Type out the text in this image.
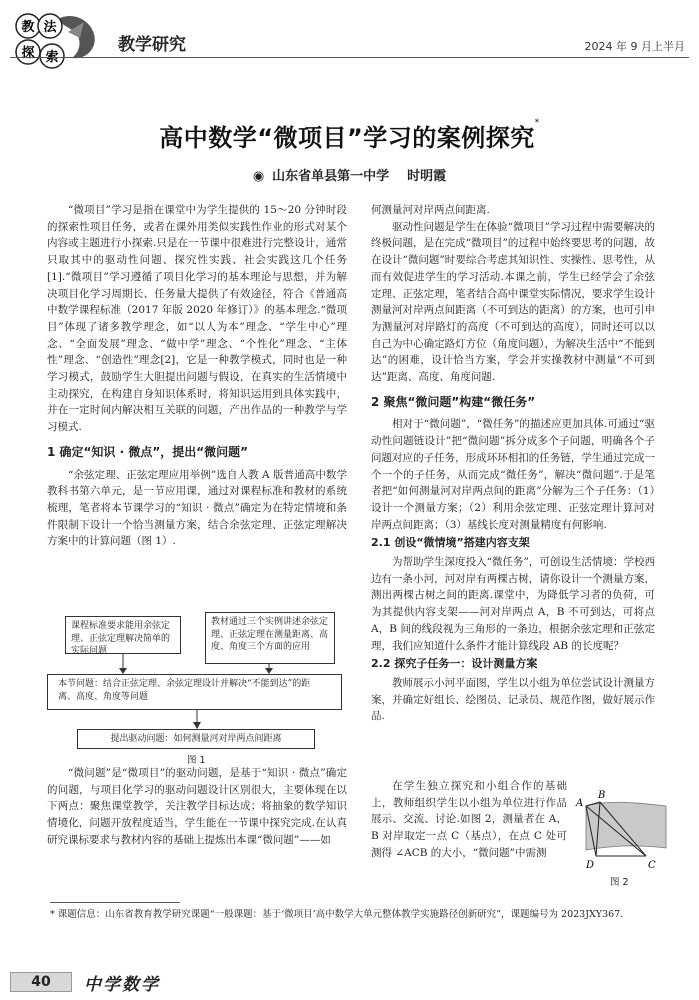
教 法
探 索
教学研究	2024 年 9 月上半月
高中数学“微项目”学习的案例探究*
◉ 山东省单县第一中学 时明霞

“微项目”学习是指在课堂中为学生提供的 15～20 分钟时段的探索性项目任务，或者在课外用类似实践性作业的形式对某个内容或主题进行小探索.只是在一节课中很难进行完整设计，通常只取其中的驱动性问题、探究性实践、社会实践这几个任务[1].“微项目”学习遵循了项目化学习的基本理论与思想，并为解决项目化学习周期长、任务量大提供了有效途径，符合《普通高中数学课程标准（2017 年版 2020 年修订）》的基本理念.“微项目”体现了诸多教学理念，如“以人为本”理念、“学生中心”理念、“全面发展”理念、“做中学”理念、“个性化”理念、“主体性”理念、“创造性”理念[2]，它是一种教学模式，同时也是一种学习模式，鼓励学生大胆提出问题与假设，在真实的生活情境中主动探究，在构建自身知识体系时，将知识运用到具体实践中，并在一定时间内解决相互关联的问题，产出作品的一种教学与学习模式.

1 确定“知识 · 微点”，提出“微问题”

“余弦定理、正弦定理应用举例”选自人教 A 版普通高中数学教科书第六单元，是一节应用课，通过对课程标准和教材的系统梳理，笔者将本节课学习的“知识 · 微点”确定为在特定情境和条件限制下设计一个恰当测量方案，结合余弦定理、正弦定理解决方案中的计算问题（图 1）.

课程标准要求能用余弦定理、正弦定理解决简单的实际问题
教材通过三个实例讲述余弦定理、正弦定理在测量距离、高度、角度三个方面的应用
本节问题：结合正弦定理、余弦定理设计并解决“不能到达”的距离、高度、角度等问题
提出驱动问题：如何测量河对岸两点间距离
图 1

“微问题”是“微项目”的驱动问题，是基于“知识 · 微点”确定的问题，与项目化学习的驱动问题设计区别很大，主要体现在以下两点：聚焦课堂教学，关注教学目标达成；将抽象的数学知识情境化，问题开放程度适当，学生能在一节课中探究完成.在认真研究课标要求与教材内容的基础上提炼出本课“微问题”——如

何测量河对岸两点间距离.

驱动性问题是学生在体验“微项目”学习过程中需要解决的终极问题，是在完成“微项目”的过程中始终要思考的问题，故在设计“微问题”时要综合考虑其知识性、实操性、思考性，从而有效促进学生的学习活动.本课之前，学生已经学会了余弦定理、正弦定理，笔者结合高中课堂实际情况，要求学生设计测量河对岸两点间距离（不可到达的距离）的方案，也可引申为测量河对岸路灯的高度（不可到达的高度），同时还可以以自己为中心确定路灯方位（角度问题），为解决生活中“不能到达”的困难，设计恰当方案，学会并实操教材中测量“不可到达”距离、高度、角度问题.

2 聚焦“微问题”构建“微任务”

相对于“微问题”，“微任务”的描述应更加具体.可通过“驱动性问题链设计”把“微问题”拆分成多个子问题，明确各个子问题对应的子任务，形成环环相扣的任务链，学生通过完成一个一个的子任务，从而完成“微任务”，解决“微问题”.于是笔者把“如何测量河对岸两点间的距离”分解为三个子任务：（1）设计一个测量方案；（2）利用余弦定理、正弦定理计算河对岸两点间距离；（3）基线长度对测量精度有何影响.

2.1 创设“微情境”搭建内容支架

为帮助学生深度投入“微任务”，可创设生活情境：学校西边有一条小河，河对岸有两棵古树，请你设计一个测量方案，测出两棵古树之间的距离.课堂中，为降低学习者的负荷，可为其提供内容支架——河对岸两点 A，B 不可到达，可将点 A，B 间的线段视为三角形的一条边，根据余弦定理和正弦定理，我们应知道什么条件才能计算线段 AB 的长度呢？

2.2 探究子任务一：设计测量方案

教师展示小河平面图，学生以小组为单位尝试设计测量方案，并确定好组长、绘图员、记录员、规范作图，做好展示作品.

在学生独立探究和小组合作的基础上，教师组织学生以小组为单位进行作品展示、交流、讨论.如图 2，测量者在 A，B 对岸取定一点 C（基点），在点 C 处可测得 ∠ACB 的大小，“微问题”中需测

A
B
C
D
图 2
* 课题信息：山东省教育教学研究课题“一般课题：基于‘微项目’高中数学大单元整体教学实施路径创新研究”，课题编号为 2023JXY367.
40	中学数学
